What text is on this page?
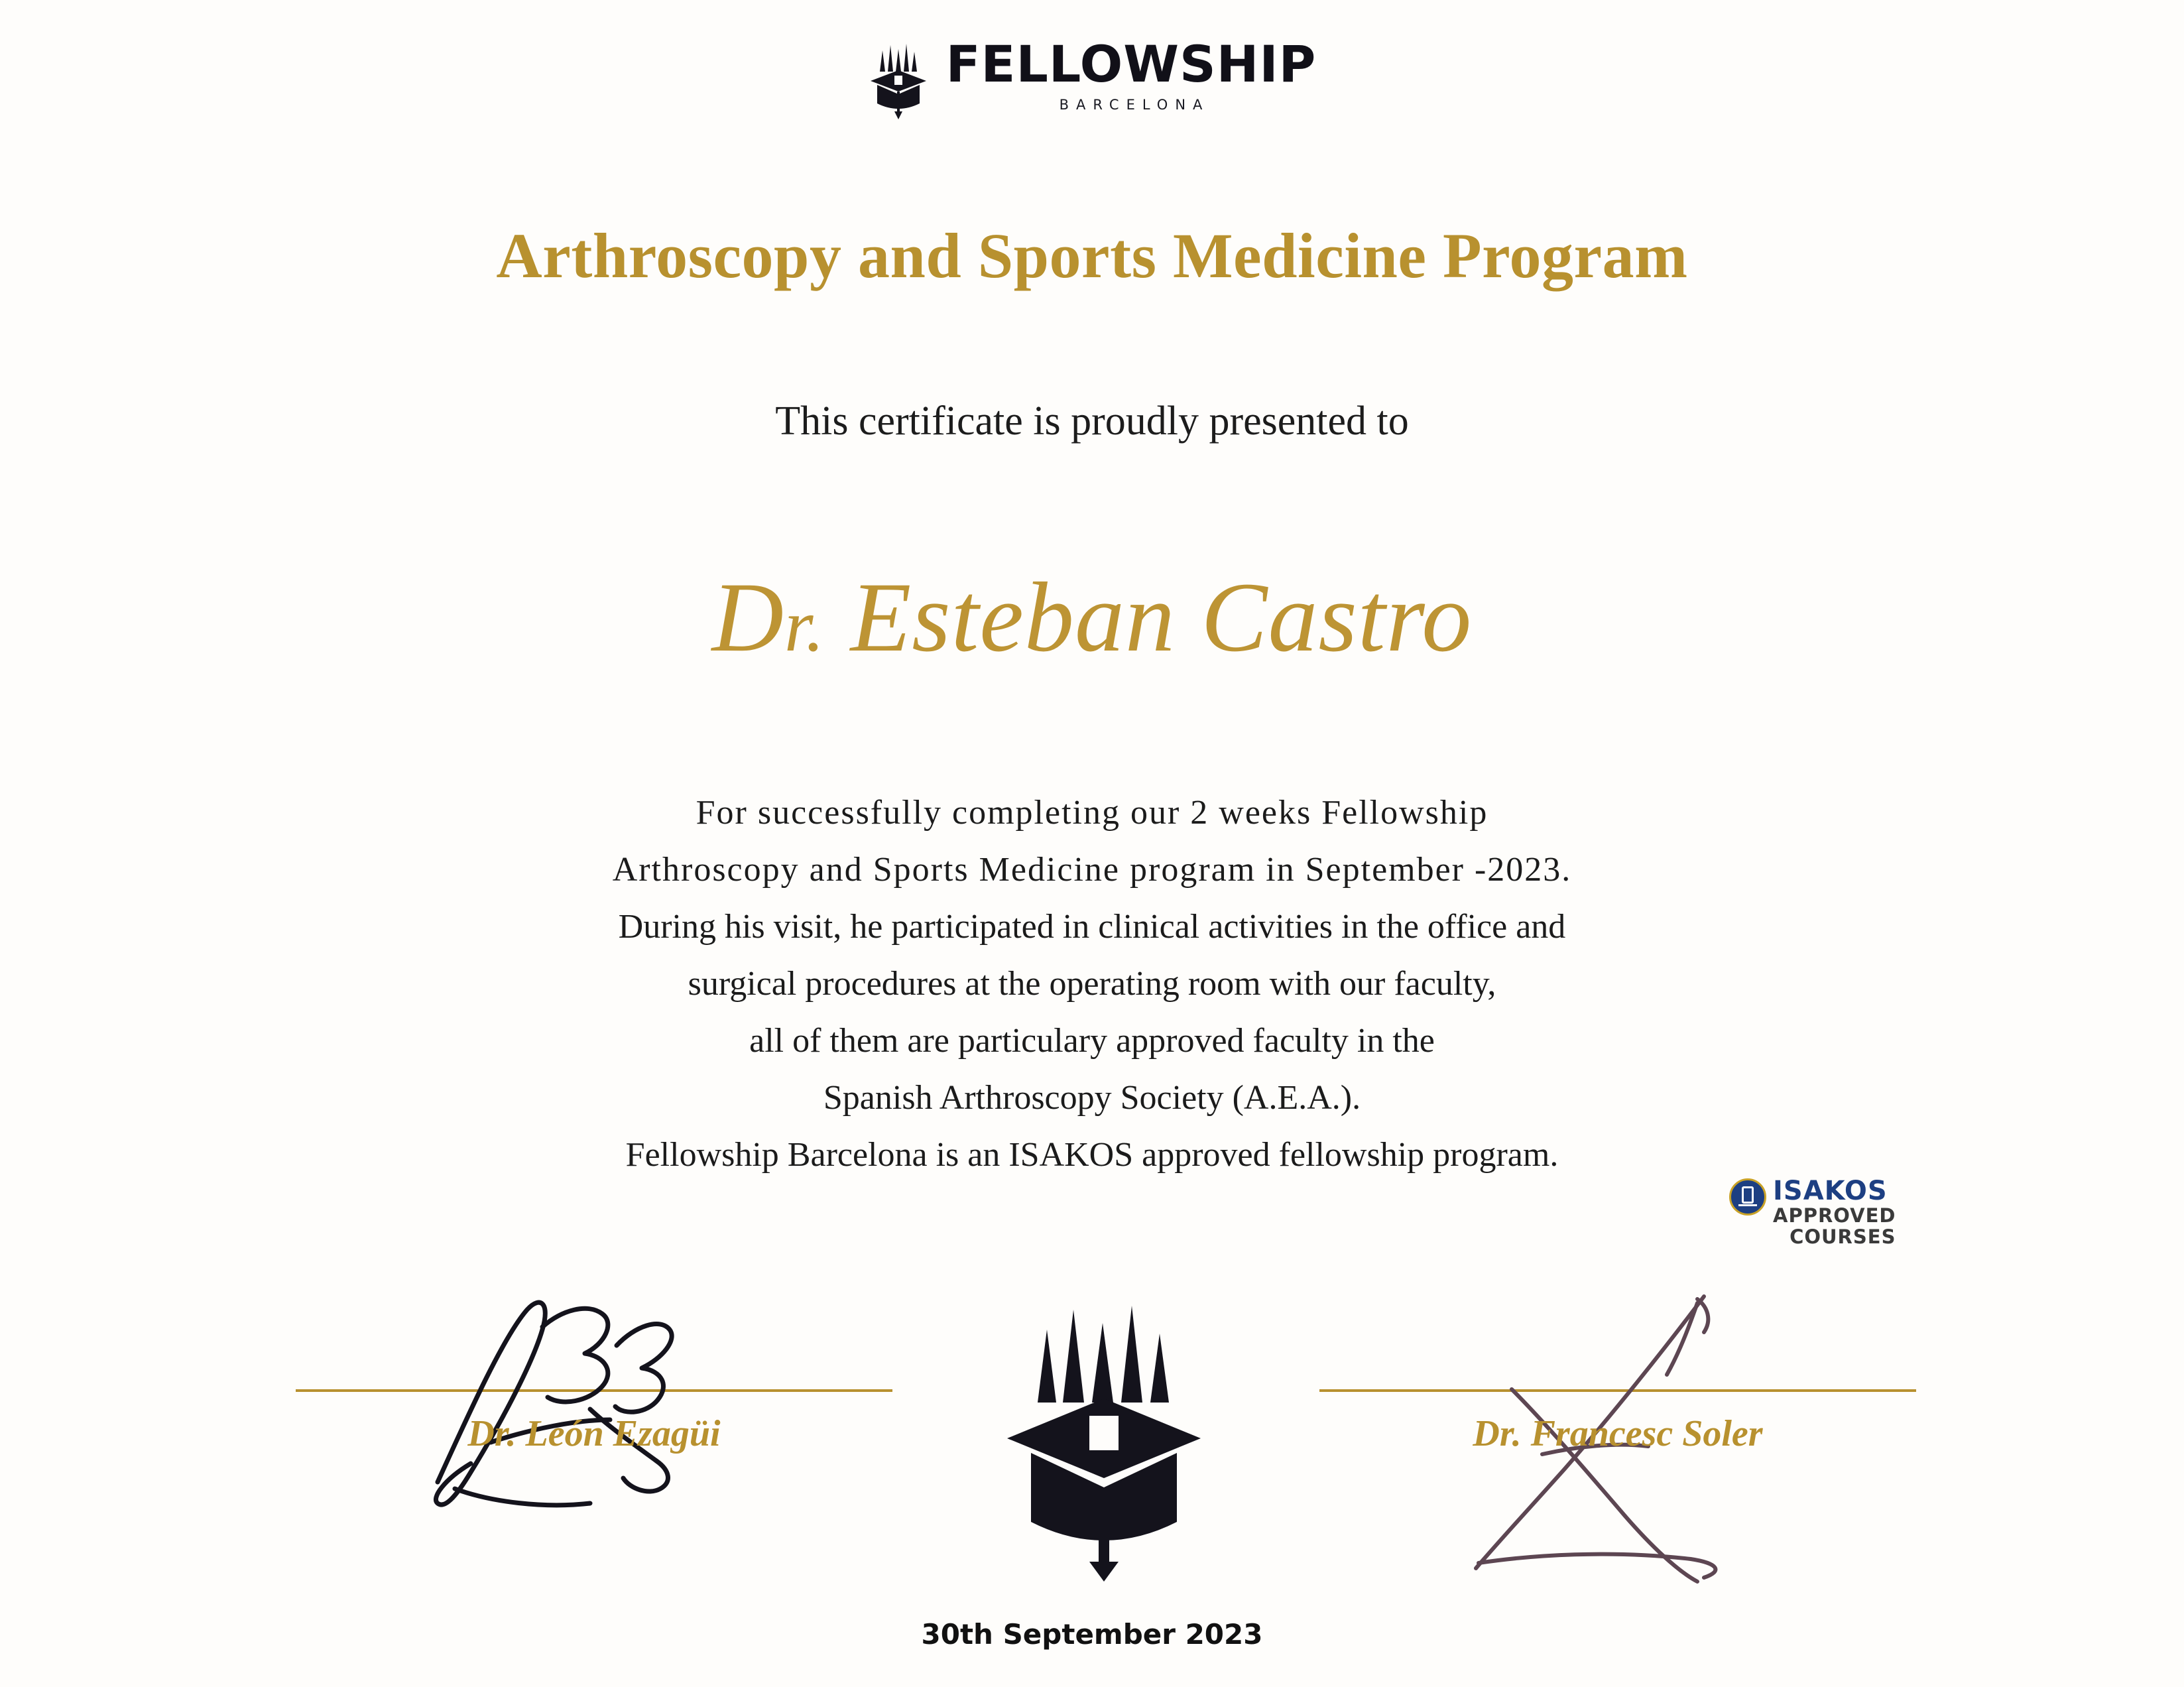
FELLOWSHIP
BARCELONA
Arthroscopy and Sports Medicine Program
This certificate is proudly presented to
Dr. Esteban Castro
For successfully completing our 2 weeks Fellowship
Arthroscopy and Sports Medicine program in September -2023.
During his visit, he participated in clinical activities in the office and
surgical procedures at the operating room with our faculty,
all of them are particulary approved faculty in the
Spanish Arthroscopy Society (A.E.A.).
Fellowship Barcelona is an ISAKOS approved fellowship program.
ISAKOS
APPROVED
COURSES
30th September 2023
Dr. León Ezagüi	Dr. Francesc Soler
